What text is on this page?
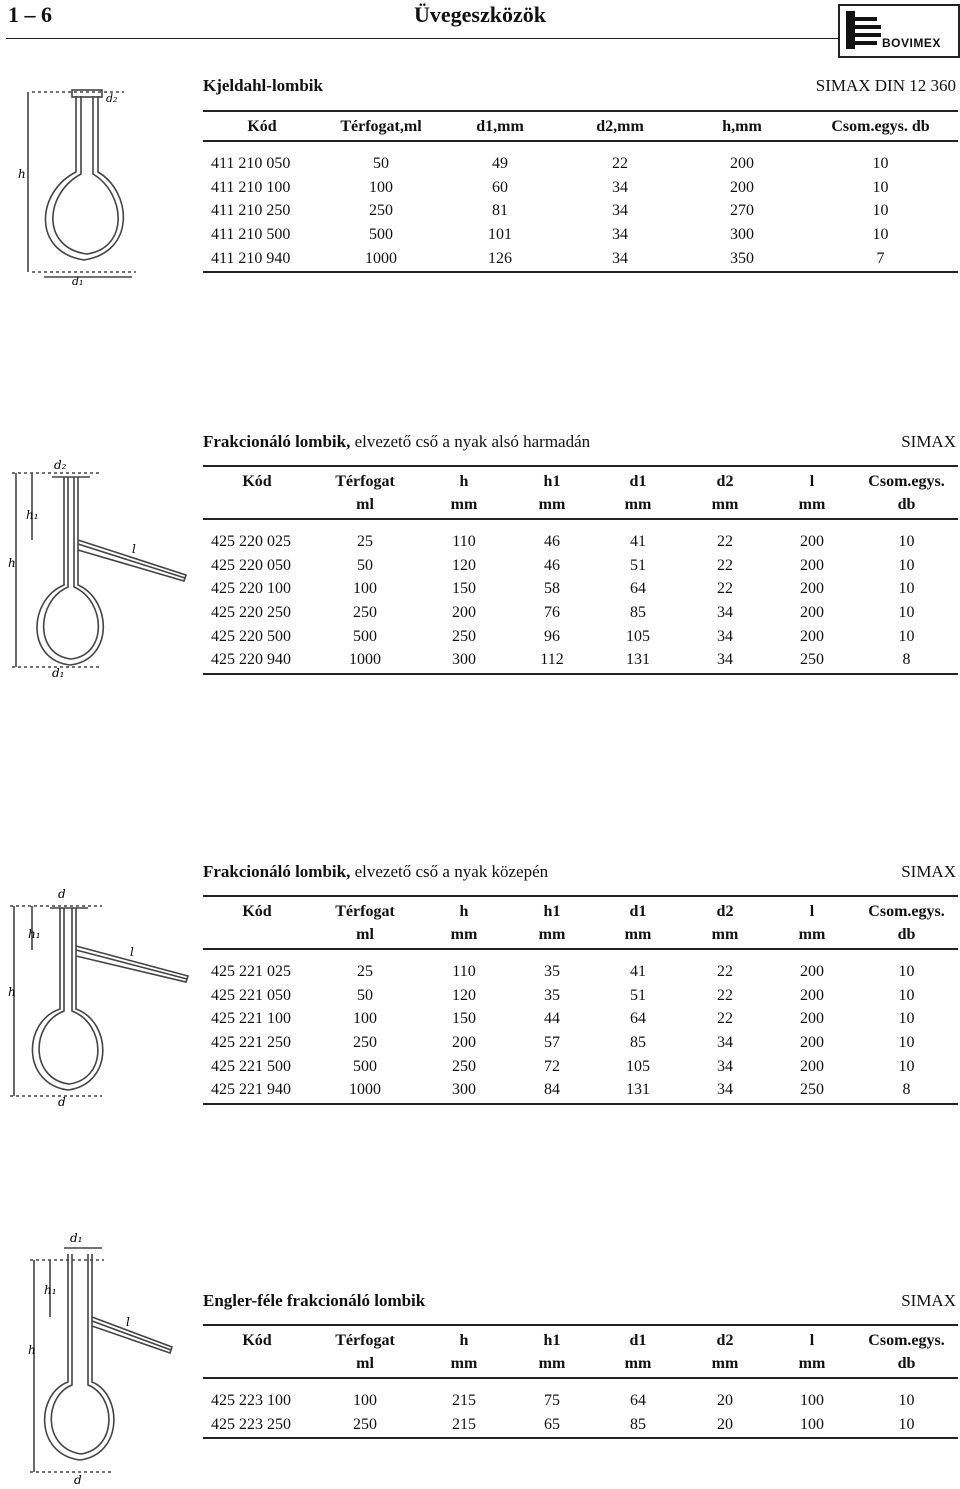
1 – 6	Üvegeszközök
BOVIMEX
h
d₂
d₁
Kjeldahl-lombik	SIMAX DIN 12 360
Kód	Térfogat,ml	d1,mm	d2,mm	h,mm	Csom.egys. db
411 210 050	50	49	22	200	10
411 210 100	100	60	34	200	10
411 210 250	250	81	34	270	10
411 210 500	500	101	34	300	10
411 210 940	1000	126	34	350	7
d₂
h₁
h
l
d₁
Frakcionáló lombik, elvezető cső a nyak alsó harmadán	SIMAX
Kód	Térfogat	h	h1	d1	d2	l	Csom.egys.
	ml	mm	mm	mm	mm	mm	db
425 220 025	25	110	46	41	22	200	10
425 220 050	50	120	46	51	22	200	10
425 220 100	100	150	58	64	22	200	10
425 220 250	250	200	76	85	34	200	10
425 220 500	500	250	96	105	34	200	10
425 220 940	1000	300	112	131	34	250	8
d
h₁
h
l
d
Frakcionáló lombik, elvezető cső a nyak közepén	SIMAX
Kód	Térfogat	h	h1	d1	d2	l	Csom.egys.
	ml	mm	mm	mm	mm	mm	db
425 221 025	25	110	35	41	22	200	10
425 221 050	50	120	35	51	22	200	10
425 221 100	100	150	44	64	22	200	10
425 221 250	250	200	57	85	34	200	10
425 221 500	500	250	72	105	34	200	10
425 221 940	1000	300	84	131	34	250	8
d₁
h₁
h
l
d
Engler-féle frakcionáló lombik	SIMAX
Kód	Térfogat	h	h1	d1	d2	l	Csom.egys.
	ml	mm	mm	mm	mm	mm	db
425 223 100	100	215	75	64	20	100	10
425 223 250	250	215	65	85	20	100	10
